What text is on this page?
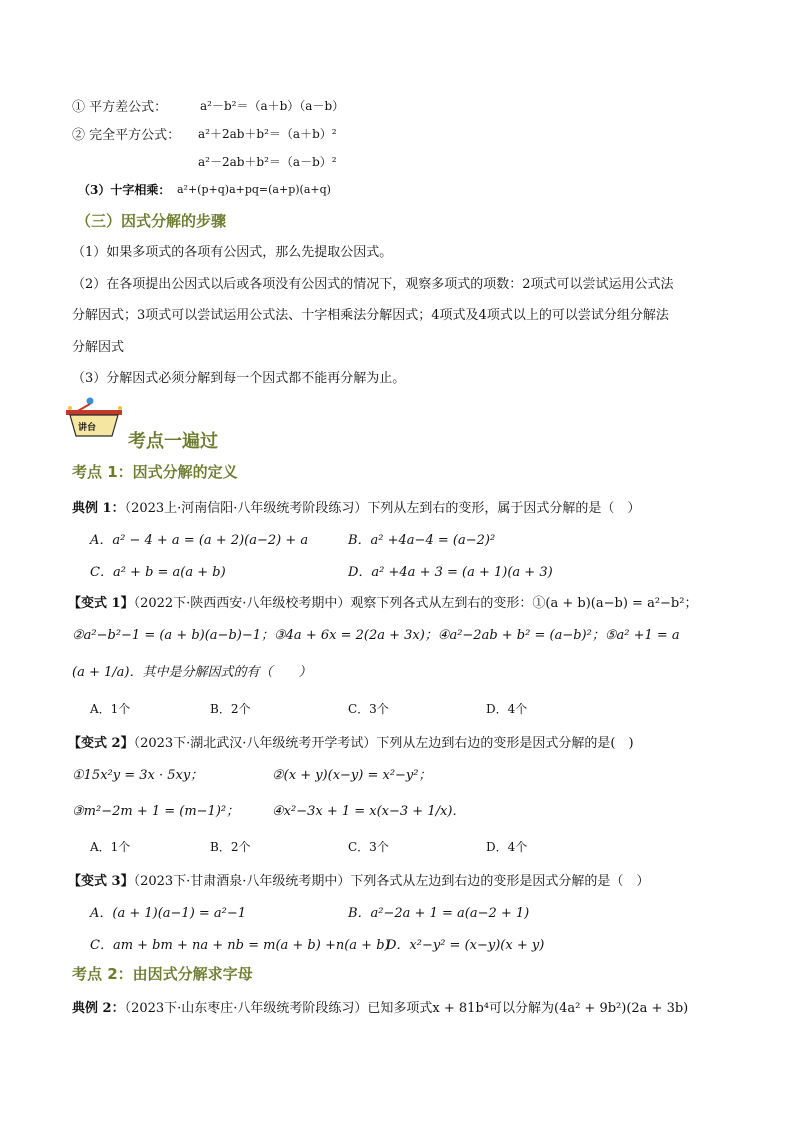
① 平方差公式：	a²－b²＝（a＋b）（a－b）
② 完全平方公式： a²＋2ab＋b²＝（a＋b）²
a²－2ab＋b²＝（a－b）²
（3）十字相乘： a²+(p+q)a+pq=(a+p)(a+q)
（三）因式分解的步骤
（1）如果多项式的各项有公因式，那么先提取公因式。
（2）在各项提出公因式以后或各项没有公因式的情况下，观察多项式的项数：2项式可以尝试运用公式法
分解因式；3项式可以尝试运用公式法、十字相乘法分解因式；4项式及4项式以上的可以尝试分组分解法
分解因式
（3）分解因式必须分解到每一个因式都不能再分解为止。
讲台
考点一遍过
考点 1：因式分解的定义
典例 1：（2023上·河南信阳·八年级统考阶段练习）下列从左到右的变形，属于因式分解的是（　）
A．a² − 4 + a = (a + 2)(a−2) + a	B．a² +4a−4 = (a−2)²
C．a² + b = a(a + b)	D．a² +4a + 3 = (a + 1)(a + 3)
【变式 1】（2022下·陕西西安·八年级校考期中）观察下列各式从左到右的变形：①(a + b)(a−b) = a²−b²；
②a²−b²−1 = (a + b)(a−b)−1；③4a + 6x = 2(2a + 3x)；④a²−2ab + b² = (a−b)²；⑤a² +1 = a
(a + 1/a)．其中是分解因式的有（　　）
A．1个	B．2个	C．3个	D．4个
【变式 2】（2023下·湖北武汉·八年级统考开学考试）下列从左边到右边的变形是因式分解的是(　)
①15x²y = 3x · 5xy；	②(x + y)(x−y) = x²−y²；
③m²−2m + 1 = (m−1)²；	④x²−3x + 1 = x(x−3 + 1/x)．
A．1个	B．2个	C．3个	D．4个
【变式 3】（2023下·甘肃酒泉·八年级统考期中）下列各式从左边到右边的变形是因式分解的是（　）
A．(a + 1)(a−1) = a²−1	B．a²−2a + 1 = a(a−2 + 1)
C．am + bm + na + nb = m(a + b) +n(a + b)
D．x²−y² = (x−y)(x + y)
考点 2：由因式分解求字母
典例 2：（2023下·山东枣庄·八年级统考阶段练习）已知多项式x + 81b⁴可以分解为(4a² + 9b²)(2a + 3b)
